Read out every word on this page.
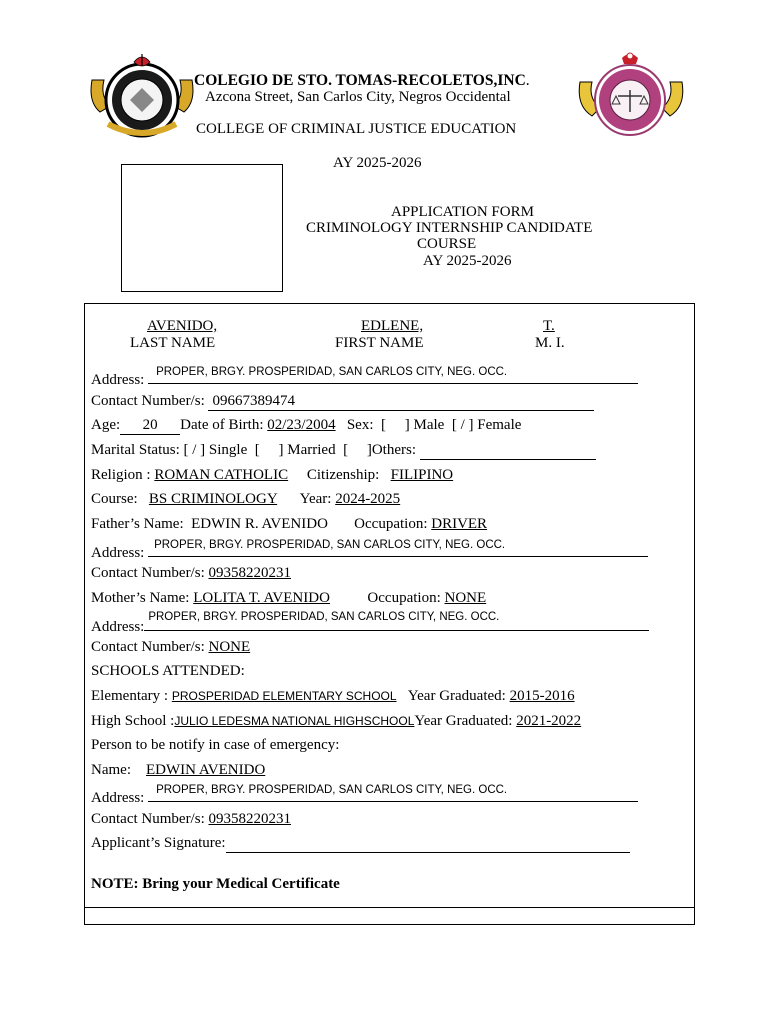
COLEGIO DE STO. TOMAS-RECOLETOS,INC.
Azcona Street, San Carlos City, Negros Occidental
COLLEGE OF CRIMINAL JUSTICE EDUCATION
AY 2025-2026
APPLICATION FORM
CRIMINOLOGY INTERNSHIP CANDIDATE
COURSE
AY 2025-2026
AVENIDO,	EDLENE,	T.
LAST NAME	FIRST NAME	M. I.
Address: PROPER, BRGY. PROSPERIDAD, SAN CARLOS CITY, NEG. OCC.
Contact Number/s: 09667389474
Age: 20 Date of Birth: 02/23/2004 Sex: [     ] Male [ / ] Female
Marital Status: [ / ] Single [     ] Married [     ]Others:
Religion : ROMAN CATHOLIC Citizenship: FILIPINO
Course: BS CRIMINOLOGY Year: 2024-2025
Father’s Name: EDWIN R. AVENIDO Occupation: DRIVER
Address: PROPER, BRGY. PROSPERIDAD, SAN CARLOS CITY, NEG. OCC.
Contact Number/s: 09358220231
Mother’s Name: LOLITA T. AVENIDO	Occupation: NONE
Address:
PROPER, BRGY. PROSPERIDAD, SAN CARLOS CITY, NEG. OCC.
Contact Number/s: NONE
SCHOOLS ATTENDED:
Elementary : PROSPERIDAD ELEMENTARY SCHOOL Year Graduated: 2015-2016
High School :JULIO LEDESMA NATIONAL HIGHSCHOOLYear Graduated: 2021-2022
Person to be notify in case of emergency:
Name: EDWIN AVENIDO
Address: PROPER, BRGY. PROSPERIDAD, SAN CARLOS CITY, NEG. OCC.
Contact Number/s: 09358220231
Applicant’s Signature:
NOTE: Bring your Medical Certificate
